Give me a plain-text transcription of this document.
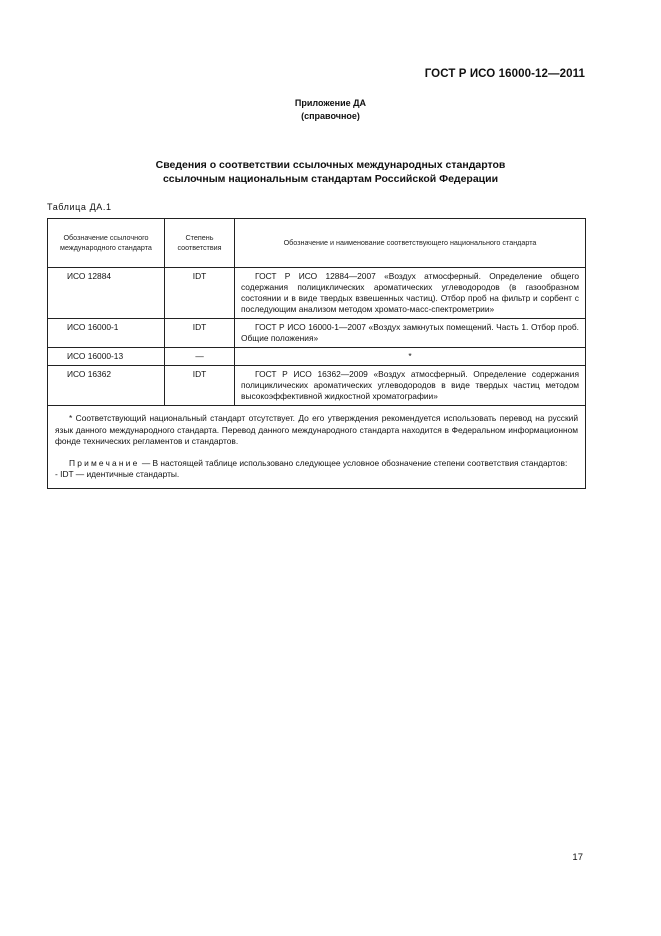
ГОСТ Р ИСО 16000-12—2011
Приложение ДА
(справочное)
Сведения о соответствии ссылочных международных стандартов
ссылочным национальным стандартам Российской Федерации
Таблица ДА.1
Обозначение ссылочного международного стандарта	Степень соответствия	Обозначение и наименование соответствующего национального стандарта
ИСО 12884	IDT	ГОСТ Р ИСО 12884—2007 «Воздух атмосферный. Определение общего содержания полициклических ароматических углеводородов (в газообразном состоянии и в виде твердых взвешенных частиц). Отбор проб на фильтр и сорбент с последующим анализом методом хромато-масс-спектрометрии»
ИСО 16000-1	IDT	ГОСТ Р ИСО 16000-1—2007 «Воздух замкнутых помещений. Часть 1. Отбор проб. Общие положения»
ИСО 16000-13	—	*
ИСО 16362	IDT	ГОСТ Р ИСО 16362—2009 «Воздух атмосферный. Определение содержания полициклических ароматических углеводородов в виде твердых частиц методом высокоэффективной жидкостной хроматографии»

* Соответствующий национальный стандарт отсутствует. До его утверждения рекомендуется использовать перевод на русский язык данного международного стандарта. Перевод данного международного стандарта находится в Федеральном информационном фонде технических регламентов и стандартов.

Примечание — В настоящей таблице использовано следующее условное обозначение степени соответствия стандартов:

- IDT — идентичные стандарты.		

17
